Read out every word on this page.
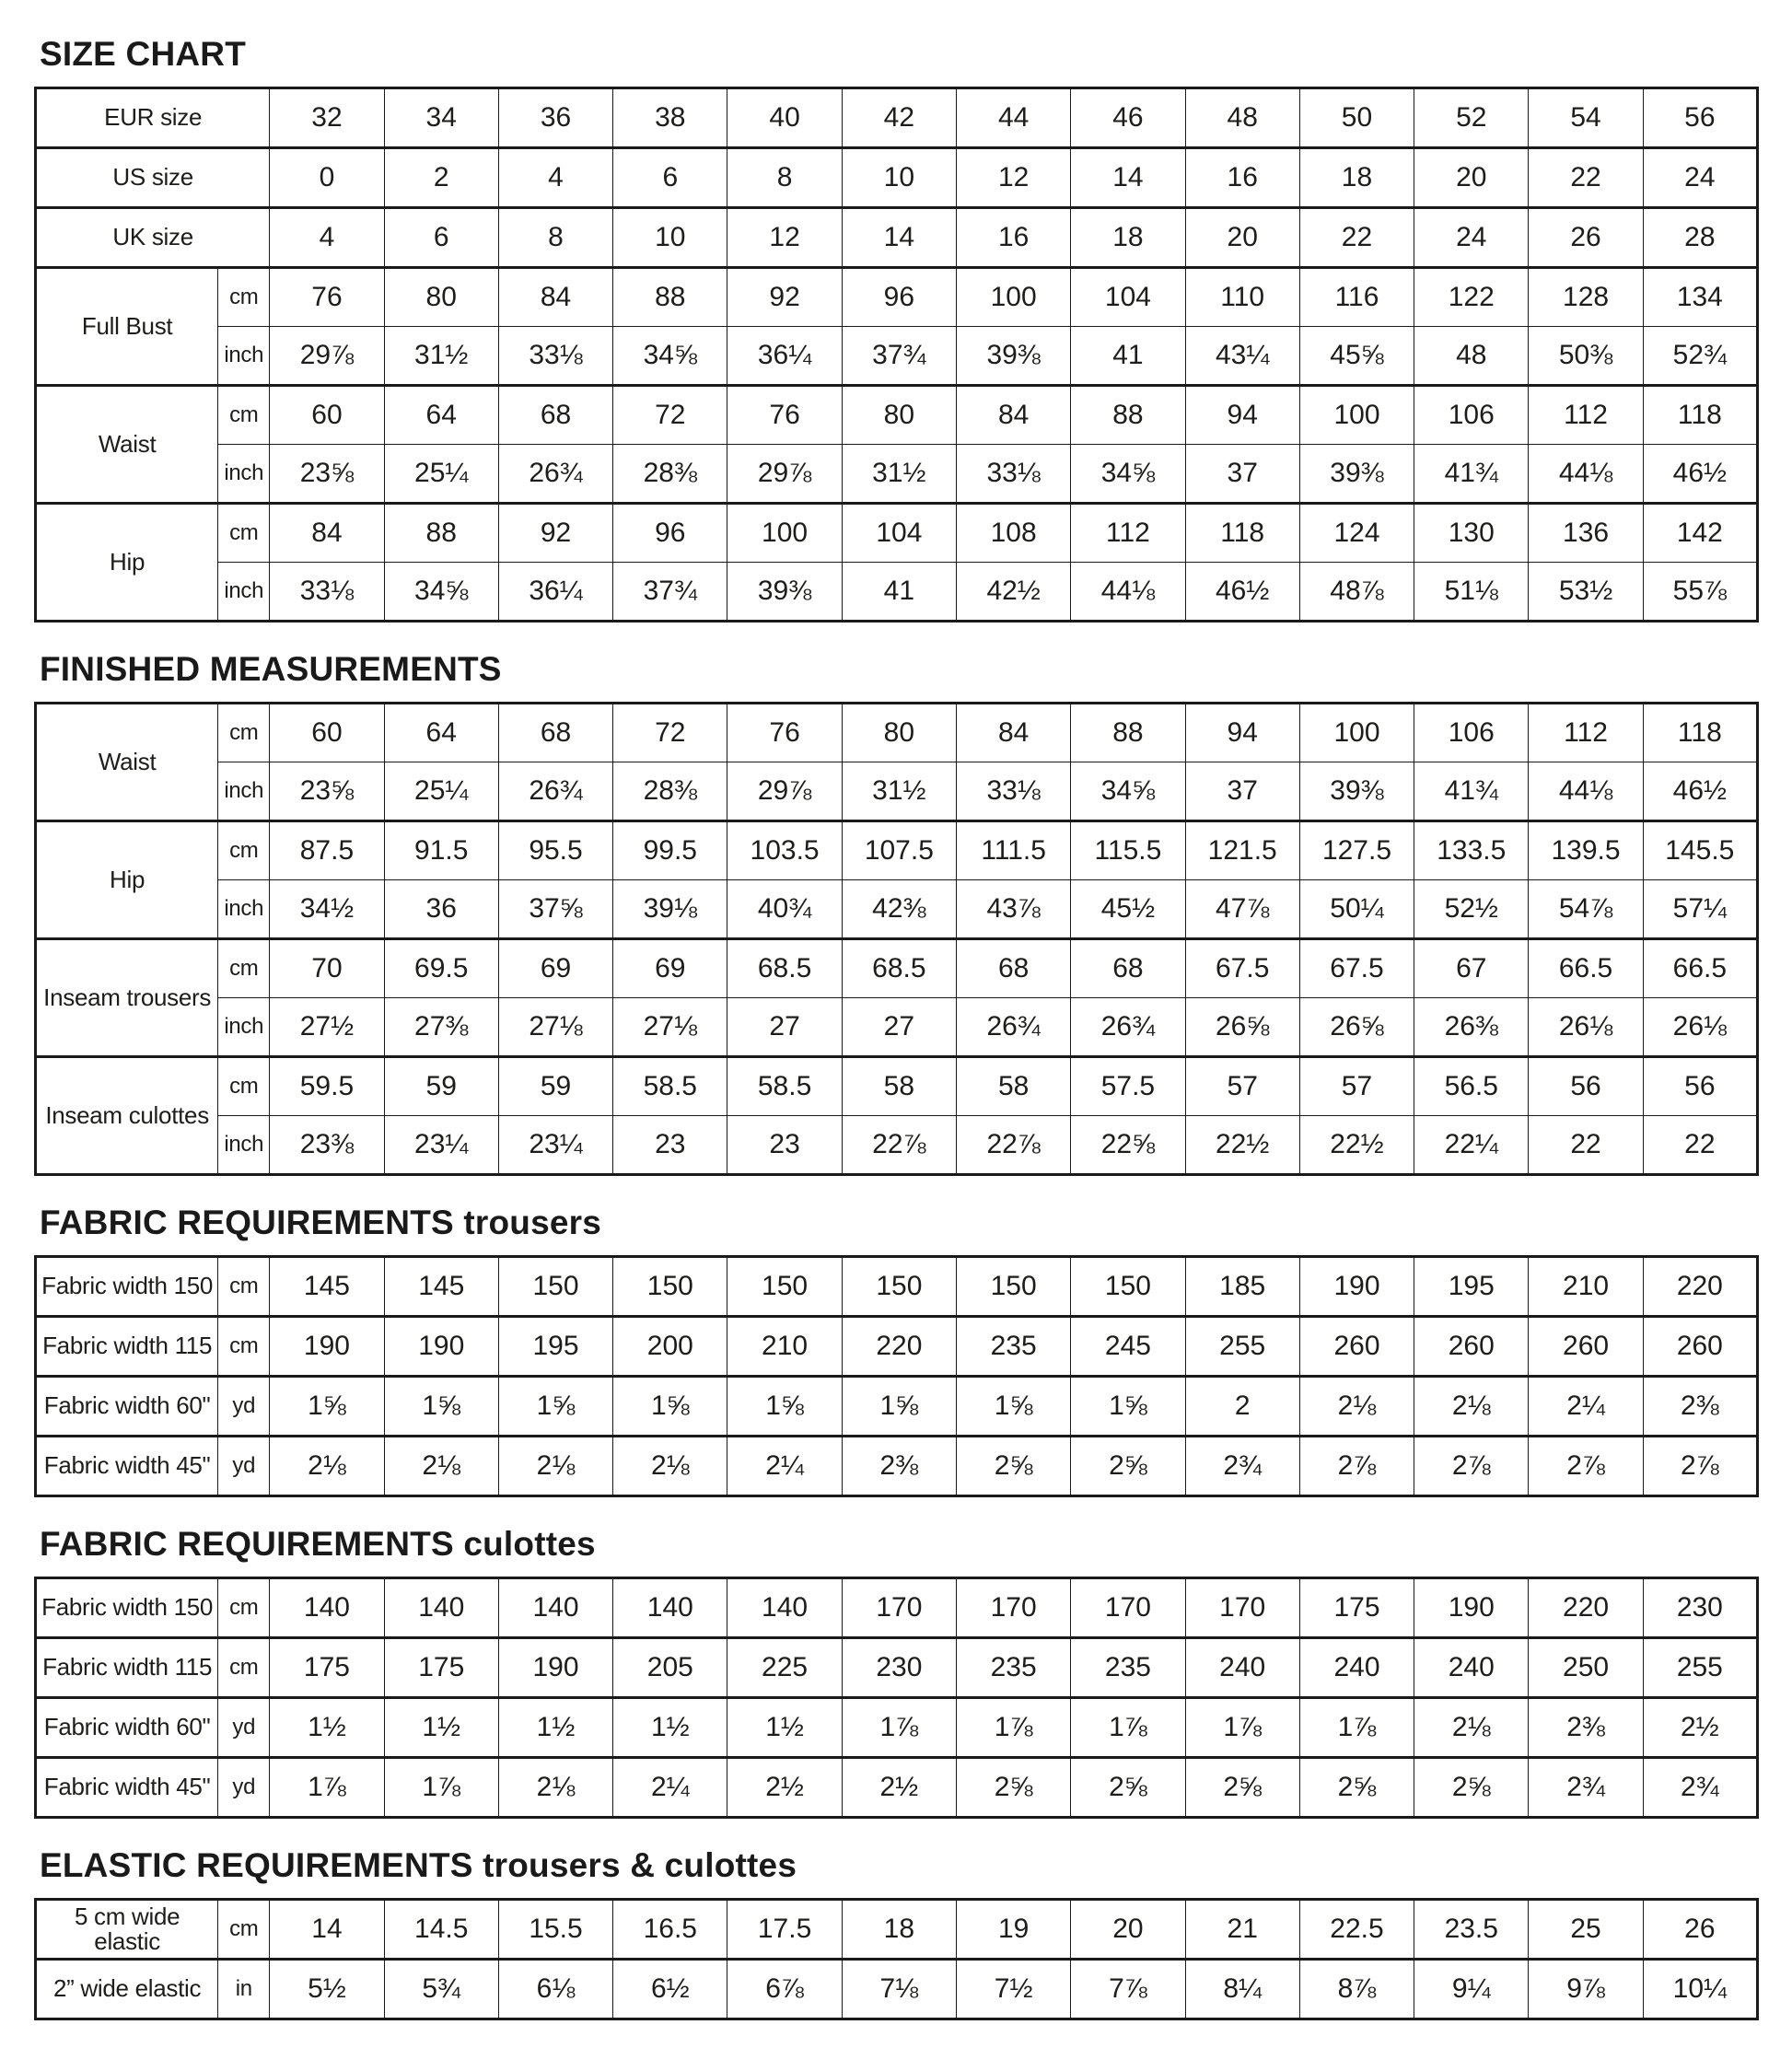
SIZE CHART
EUR size		32	34	36	38	40	42	44	46	48	50	52	54	56
US size		0	2	4	6	8	10	12	14	16	18	20	22	24
UK size		4	6	8	10	12	14	16	18	20	22	24	26	28
Full Bust	cm	76	80	84	88	92	96	100	104	110	116	122	128	134
	inch	29⅞	31½	33⅛	34⅝	36¼	37¾	39⅜	41	43¼	45⅝	48	50⅜	52¾
Waist	cm	60	64	68	72	76	80	84	88	94	100	106	112	118
	inch	23⅝	25¼	26¾	28⅜	29⅞	31½	33⅛	34⅝	37	39⅜	41¾	44⅛	46½
Hip	cm	84	88	92	96	100	104	108	112	118	124	130	136	142
	inch	33⅛	34⅝	36¼	37¾	39⅜	41	42½	44⅛	46½	48⅞	51⅛	53½	55⅞
FINISHED MEASUREMENTS
Waist	cm	60	64	68	72	76	80	84	88	94	100	106	112	118
	inch	23⅝	25¼	26¾	28⅜	29⅞	31½	33⅛	34⅝	37	39⅜	41¾	44⅛	46½
Hip	cm	87.5	91.5	95.5	99.5	103.5	107.5	111.5	115.5	121.5	127.5	133.5	139.5	145.5
	inch	34½	36	37⅝	39⅛	40¾	42⅜	43⅞	45½	47⅞	50¼	52½	54⅞	57¼
Inseam trousers	cm	70	69.5	69	69	68.5	68.5	68	68	67.5	67.5	67	66.5	66.5
	inch	27½	27⅜	27⅛	27⅛	27	27	26¾	26¾	26⅝	26⅝	26⅜	26⅛	26⅛
Inseam culottes	cm	59.5	59	59	58.5	58.5	58	58	57.5	57	57	56.5	56	56
	inch	23⅜	23¼	23¼	23	23	22⅞	22⅞	22⅝	22½	22½	22¼	22	22
FABRIC REQUIREMENTS trousers
Fabric width 150	cm	145	145	150	150	150	150	150	150	185	190	195	210	220
Fabric width 115	cm	190	190	195	200	210	220	235	245	255	260	260	260	260
Fabric width 60"	yd	1⅝	1⅝	1⅝	1⅝	1⅝	1⅝	1⅝	1⅝	2	2⅛	2⅛	2¼	2⅜
Fabric width 45"	yd	2⅛	2⅛	2⅛	2⅛	2¼	2⅜	2⅝	2⅝	2¾	2⅞	2⅞	2⅞	2⅞
FABRIC REQUIREMENTS culottes
Fabric width 150	cm	140	140	140	140	140	170	170	170	170	175	190	220	230
Fabric width 115	cm	175	175	190	205	225	230	235	235	240	240	240	250	255
Fabric width 60"	yd	1½	1½	1½	1½	1½	1⅞	1⅞	1⅞	1⅞	1⅞	2⅛	2⅜	2½
Fabric width 45"	yd	1⅞	1⅞	2⅛	2¼	2½	2½	2⅝	2⅝	2⅝	2⅝	2⅝	2¾	2¾
ELASTIC REQUIREMENTS trousers & culottes
5 cm wide elastic	cm	14	14.5	15.5	16.5	17.5	18	19	20	21	22.5	23.5	25	26
2” wide elastic	in	5½	5¾	6⅛	6½	6⅞	7⅛	7½	7⅞	8¼	8⅞	9¼	9⅞	10¼
